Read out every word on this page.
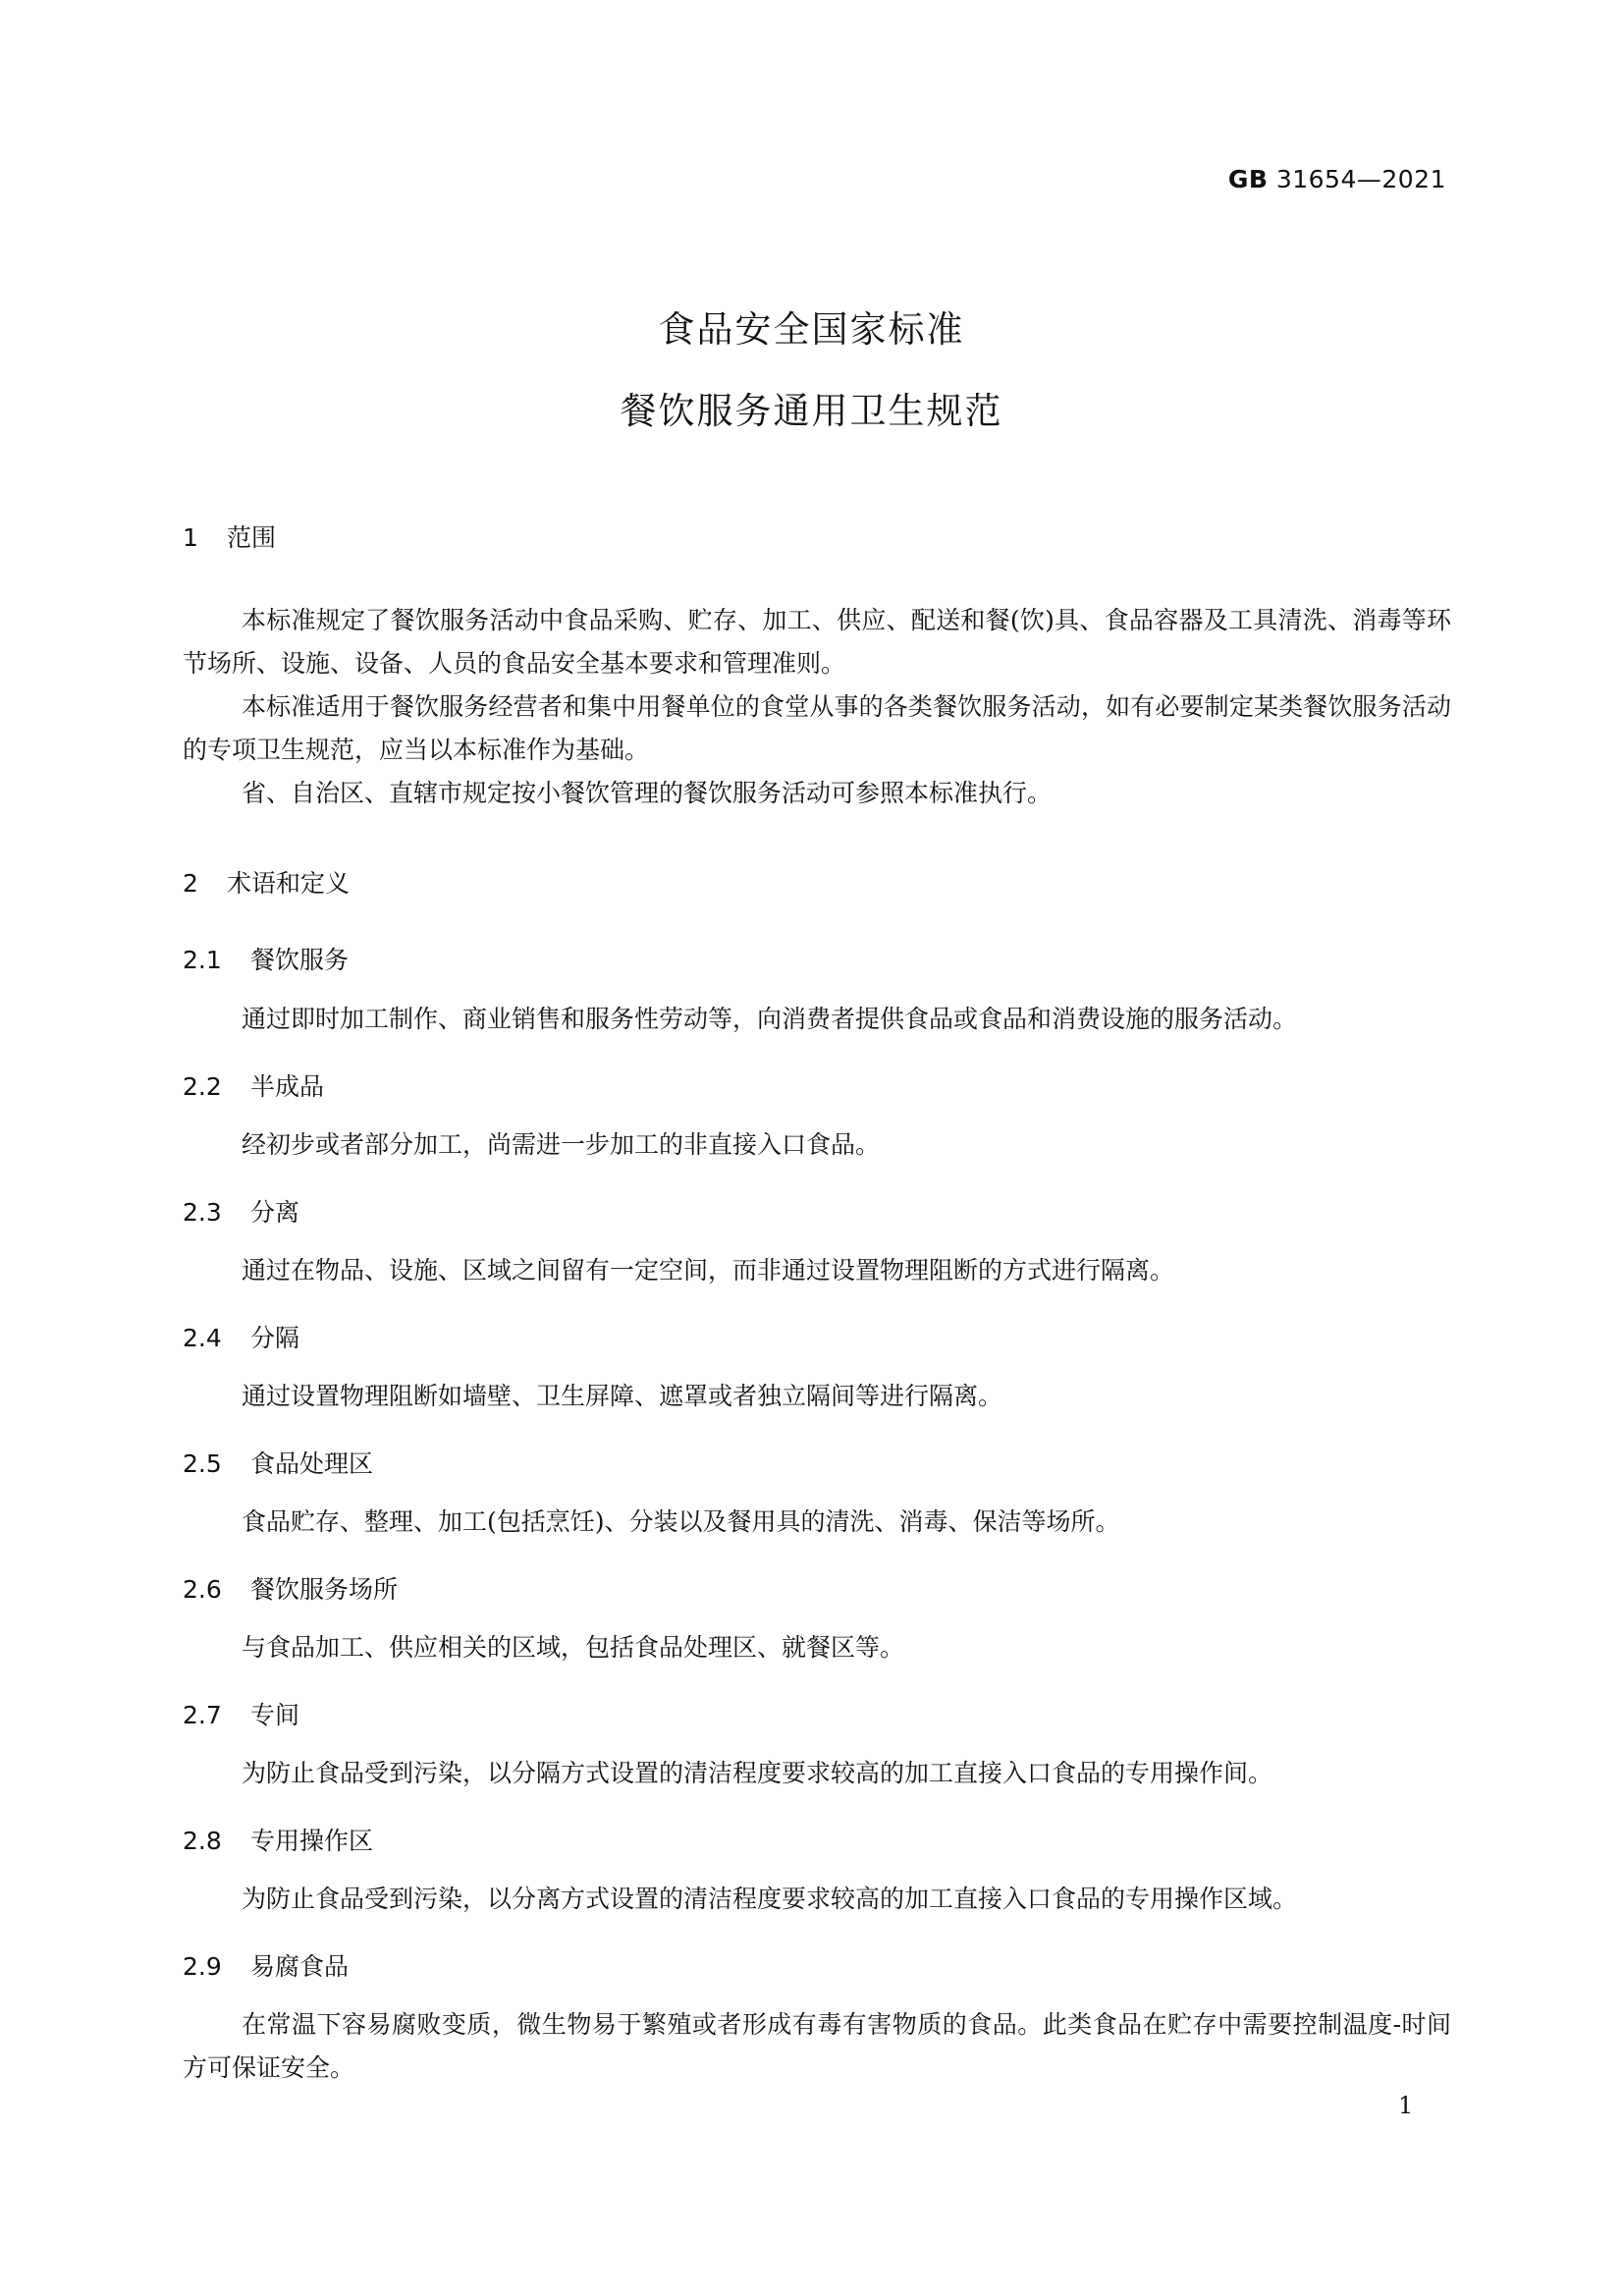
GB 31654—2021
食品安全国家标准
餐饮服务通用卫生规范
1 范围
本标准规定了餐饮服务活动中食品采购、贮存、加工、供应、配送和餐(饮)具、食品容器及工具清洗、消毒等环节场所、设施、设备、人员的食品安全基本要求和管理准则。
本标准适用于餐饮服务经营者和集中用餐单位的食堂从事的各类餐饮服务活动，如有必要制定某类餐饮服务活动的专项卫生规范，应当以本标准作为基础。
省、自治区、直辖市规定按小餐饮管理的餐饮服务活动可参照本标准执行。
2 术语和定义
2.1 餐饮服务
通过即时加工制作、商业销售和服务性劳动等，向消费者提供食品或食品和消费设施的服务活动。
2.2 半成品
经初步或者部分加工，尚需进一步加工的非直接入口食品。
2.3 分离
通过在物品、设施、区域之间留有一定空间，而非通过设置物理阻断的方式进行隔离。
2.4 分隔
通过设置物理阻断如墙壁、卫生屏障、遮罩或者独立隔间等进行隔离。
2.5 食品处理区
食品贮存、整理、加工(包括烹饪)、分装以及餐用具的清洗、消毒、保洁等场所。
2.6 餐饮服务场所
与食品加工、供应相关的区域，包括食品处理区、就餐区等。
2.7 专间
为防止食品受到污染，以分隔方式设置的清洁程度要求较高的加工直接入口食品的专用操作间。
2.8 专用操作区
为防止食品受到污染，以分离方式设置的清洁程度要求较高的加工直接入口食品的专用操作区域。
2.9 易腐食品
在常温下容易腐败变质，微生物易于繁殖或者形成有毒有害物质的食品。此类食品在贮存中需要控制温度-时间方可保证安全。
1
